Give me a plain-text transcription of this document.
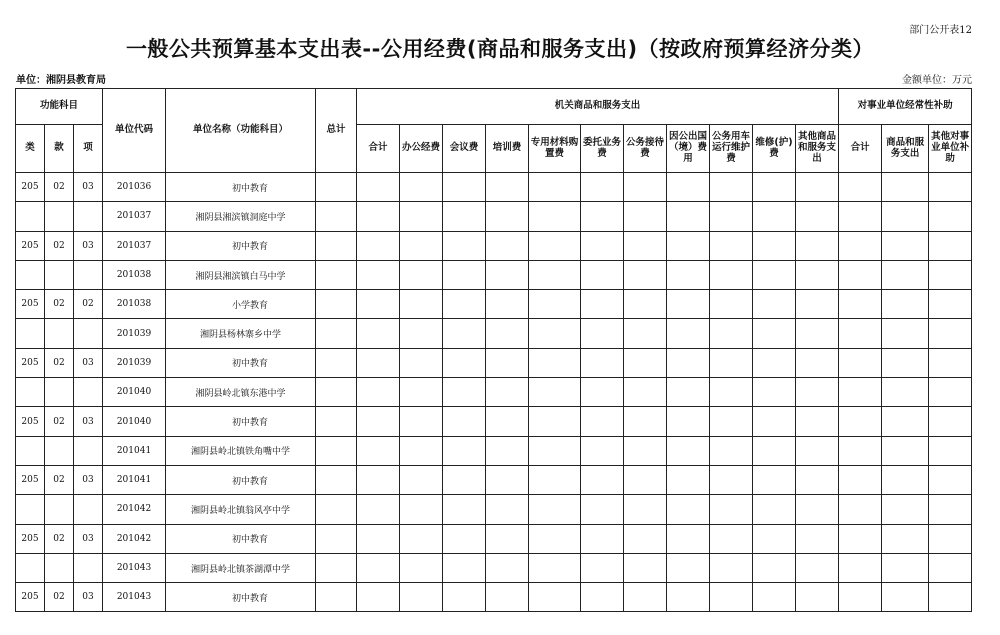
部门公开表12
一般公共预算基本支出表--公用经费(商品和服务支出)（按政府预算经济分类）
单位：湘阴县教育局	金额单位：万元
功能科目			单位代码	单位名称（功能科目）	总计	机关商品和服务支出											对事业单位经常性补助		
类	款	项				合计	办公经费	会议费	培训费	专用材料购置费	委托业务费	公务接待费	因公出国（境）费用	公务用车运行维护费	维修(护)费	其他商品和服务支出	合计	商品和服务支出	其他对事业单位补助
205	02	03	201036	初中教育															
			201037	湘阴县湘滨镇洞庭中学															
205	02	03	201037	初中教育															
			201038	湘阴县湘滨镇白马中学															
205	02	02	201038	小学教育															
			201039	湘阴县杨林寨乡中学															
205	02	03	201039	初中教育															
			201040	湘阴县岭北镇东港中学															
205	02	03	201040	初中教育															
			201041	湘阴县岭北镇铁角嘴中学															
205	02	03	201041	初中教育															
			201042	湘阴县岭北镇翁风亭中学															
205	02	03	201042	初中教育															
			201043	湘阴县岭北镇茶湖潭中学															
205	02	03	201043	初中教育															
